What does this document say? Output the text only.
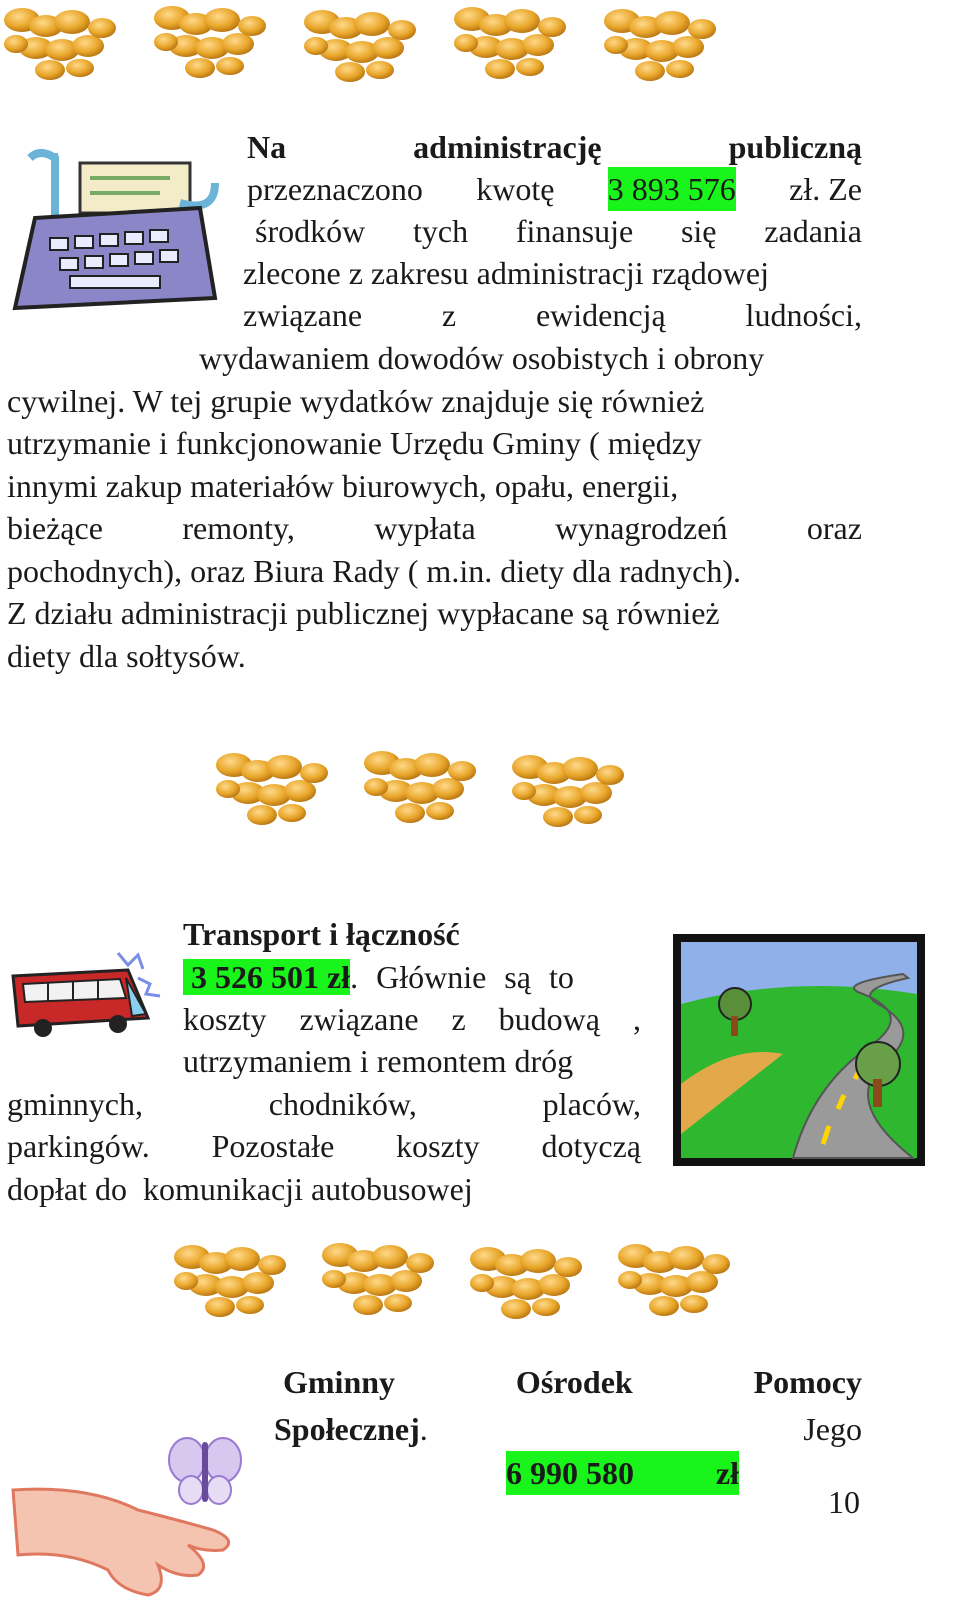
Na	administrację	publiczną
przeznaczono kwotę 3 893 576 zł. Ze
środków tych finansuje się zadania
zlecone z zakresu administracji rządowej
związane z ewidencją ludności,
wydawaniem dowodów osobistych i obrony
cywilnej. W tej grupie wydatków znajduje się również
utrzymanie i funkcjonowanie Urzędu Gminy ( między
innymi zakup materiałów biurowych, opału, energii,
bieżące remonty, wypłata wynagrodzeń oraz
pochodnych), oraz Biura Rady ( m.in. diety dla radnych).
Z działu administracji publicznej wypłacane są również
diety dla sołtysów.
Transport i łączność
3 526 501 zł. Głównie są to
koszty związane z budową ,
utrzymaniem i remontem dróg
gminnych,	chodników,	placów,
parkingów. Pozostałe koszty dotyczą
dopłat do  komunikacji autobusowej
Gminny	Ośrodek	Pomocy
Społecznej.
6 990 580	zł
Jego
10
